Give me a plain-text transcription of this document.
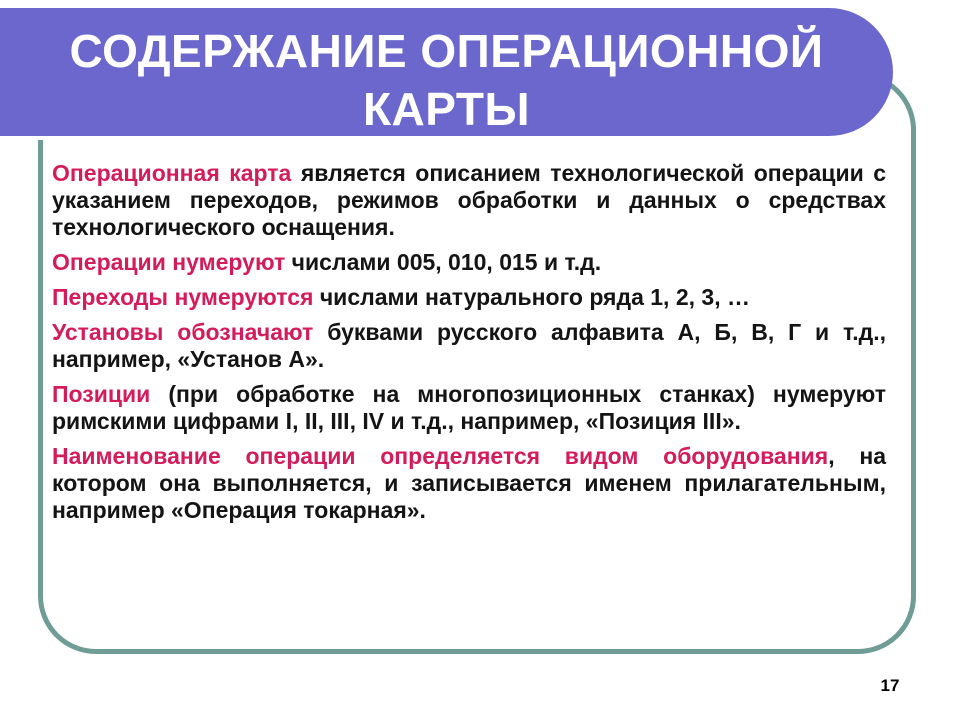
СОДЕРЖАНИЕ ОПЕРАЦИОННОЙ
КАРТЫ

Операционная карта является описанием технологической операции с указанием переходов, режимов обработки и данных о средствах технологического оснащения.

Операции нумеруют числами 005, 010, 015 и т.д.

Переходы нумеруются числами натурального ряда 1, 2, 3, …

Установы обозначают буквами русского алфавита А, Б, В, Г и т.д., например, «Установ А».

Позиции (при обработке на многопозиционных станках) нумеруют римскими цифрами I, II, III, IV и т.д., например, «Позиция III».

Наименование операции определяется видом оборудования, на котором она выполняется, и записывается именем прилагательным, например «Операция токарная».

17
